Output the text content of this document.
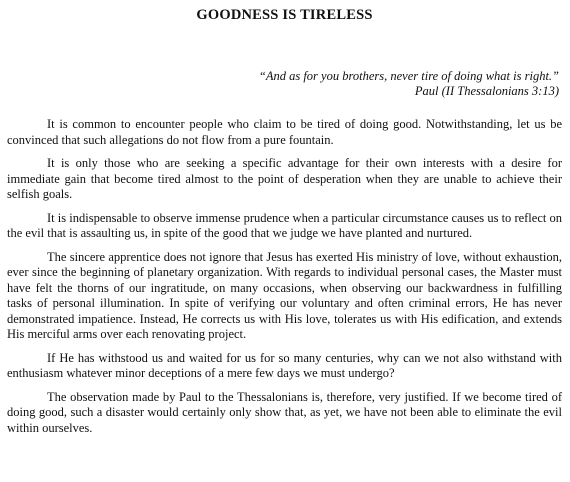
GOODNESS IS TIRELESS
“And as for you brothers, never tire of doing what is right.”
Paul (II Thessalonians 3:13)

It is common to encounter people who claim to be tired of doing good. Notwithstanding, let us be convinced that such allegations do not flow from a pure fountain.

It is only those who are seeking a specific advantage for their own interests with a desire for immediate gain that become tired almost to the point of desperation when they are unable to achieve their selfish goals.

It is indispensable to observe immense prudence when a particular circumstance causes us to reflect on the evil that is assaulting us, in spite of the good that we judge we have planted and nurtured.

The sincere apprentice does not ignore that Jesus has exerted His ministry of love, without exhaustion, ever since the beginning of planetary organization. With regards to individual personal cases, the Master must have felt the thorns of our ingratitude, on many occasions, when observing our backwardness in fulfilling tasks of personal illumination. In spite of verifying our voluntary and often criminal errors, He has never demonstrated impatience. Instead, He corrects us with His love, tolerates us with His edification, and extends His merciful arms over each renovating project.

If He has withstood us and waited for us for so many centuries, why can we not also withstand with enthusiasm whatever minor deceptions of a mere few days we must undergo?

The observation made by Paul to the Thessalonians is, therefore, very justified. If we become tired of doing good, such a disaster would certainly only show that, as yet, we have not been able to eliminate the evil within ourselves.
